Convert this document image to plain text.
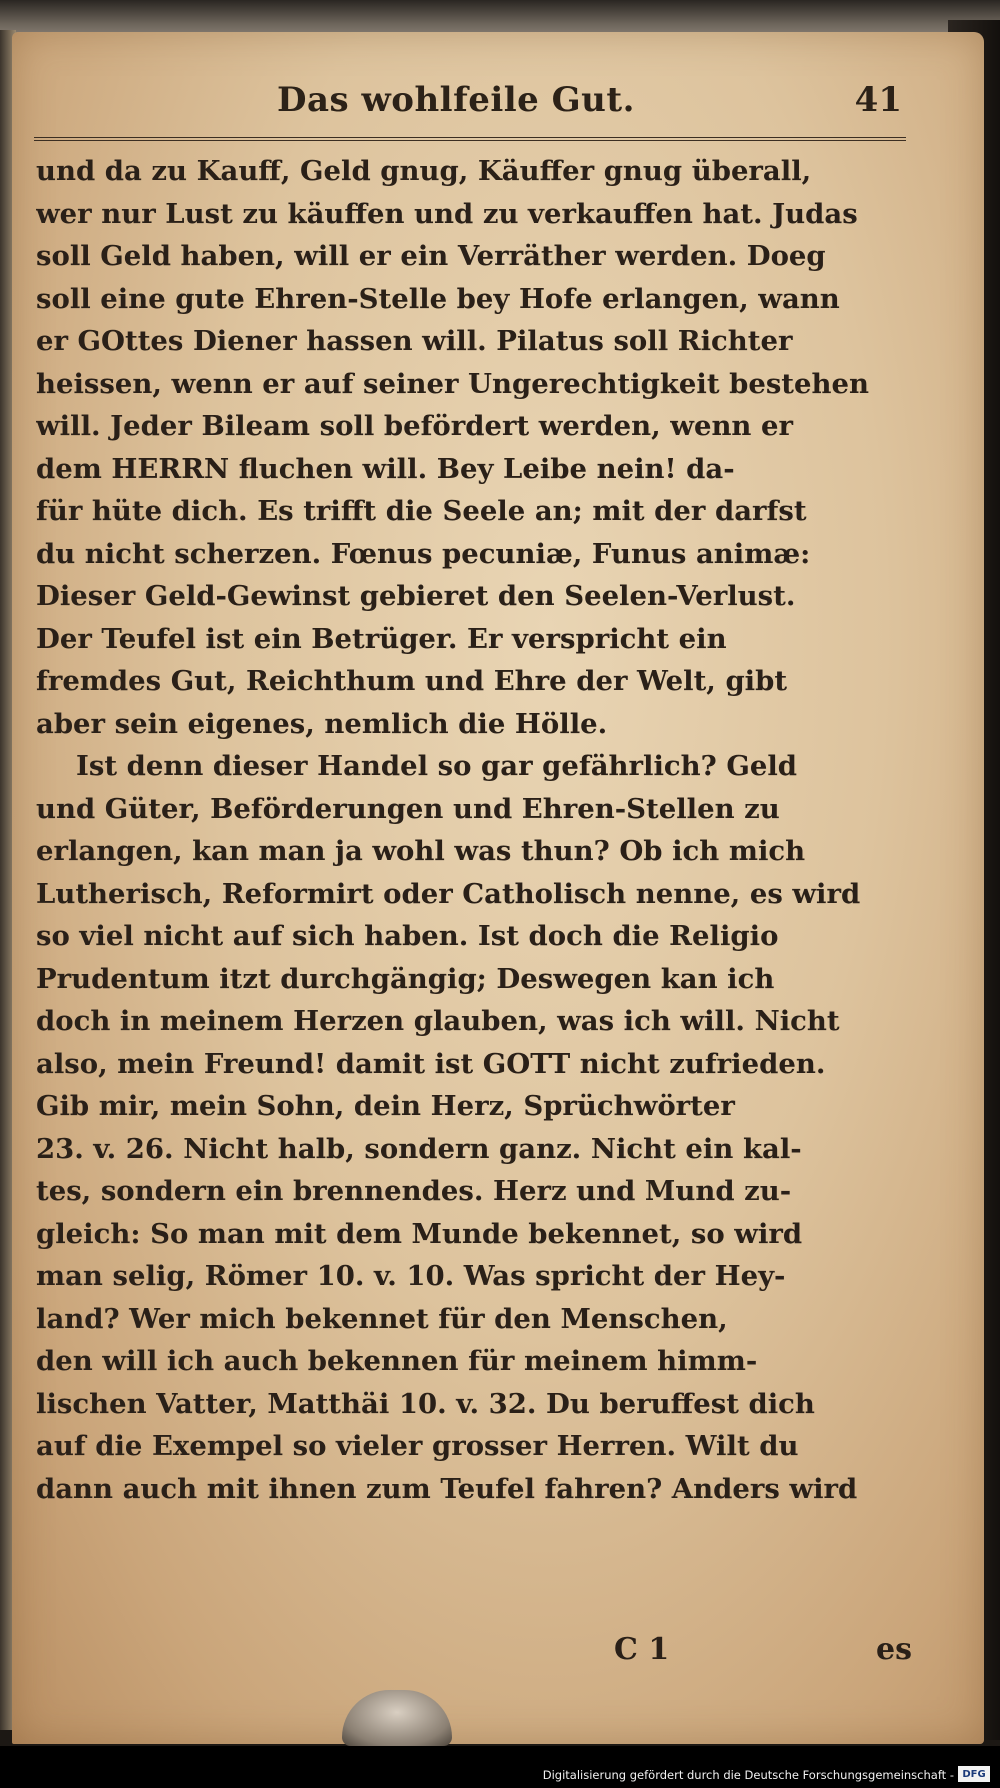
Das wohlfeile Gut.	41
und da zu Kauff, Geld gnug, Käuffer gnug überall,
wer nur Lust zu käuffen und zu verkauffen hat. Judas
soll Geld haben, will er ein Verräther werden. Doeg
soll eine gute Ehren-Stelle bey Hofe erlangen, wann
er GOttes Diener hassen will. Pilatus soll Richter
heissen, wenn er auf seiner Ungerechtigkeit bestehen
will. Jeder Bileam soll befördert werden, wenn er
dem HERRN fluchen will. Bey Leibe nein! da-
für hüte dich. Es trifft die Seele an; mit der darfst
du nicht scherzen. Fœnus pecuniæ, Funus animæ:
Dieser Geld-Gewinst gebieret den Seelen-Verlust.
Der Teufel ist ein Betrüger. Er verspricht ein
fremdes Gut, Reichthum und Ehre der Welt, gibt
aber sein eigenes, nemlich die Hölle.
Ist denn dieser Handel so gar gefährlich? Geld
und Güter, Beförderungen und Ehren-Stellen zu
erlangen, kan man ja wohl was thun? Ob ich mich
Lutherisch, Reformirt oder Catholisch nenne, es wird
so viel nicht auf sich haben. Ist doch die Religio
Prudentum itzt durchgängig; Deswegen kan ich
doch in meinem Herzen glauben, was ich will. Nicht
also, mein Freund! damit ist GOTT nicht zufrieden.
Gib mir, mein Sohn, dein Herz, Sprüchwörter
23. v. 26. Nicht halb, sondern ganz. Nicht ein kal-
tes, sondern ein brennendes. Herz und Mund zu-
gleich: So man mit dem Munde bekennet, so wird
man selig, Römer 10. v. 10. Was spricht der Hey-
land? Wer mich bekennet für den Menschen,
den will ich auch bekennen für meinem himm-
lischen Vatter, Matthäi 10. v. 32. Du beruffest dich
auf die Exempel so vieler grosser Herren. Wilt du
dann auch mit ihnen zum Teufel fahren? Anders wird
C 1	es
Digitalisierung gefördert durch die Deutsche Forschungsgemeinschaft - DFG
